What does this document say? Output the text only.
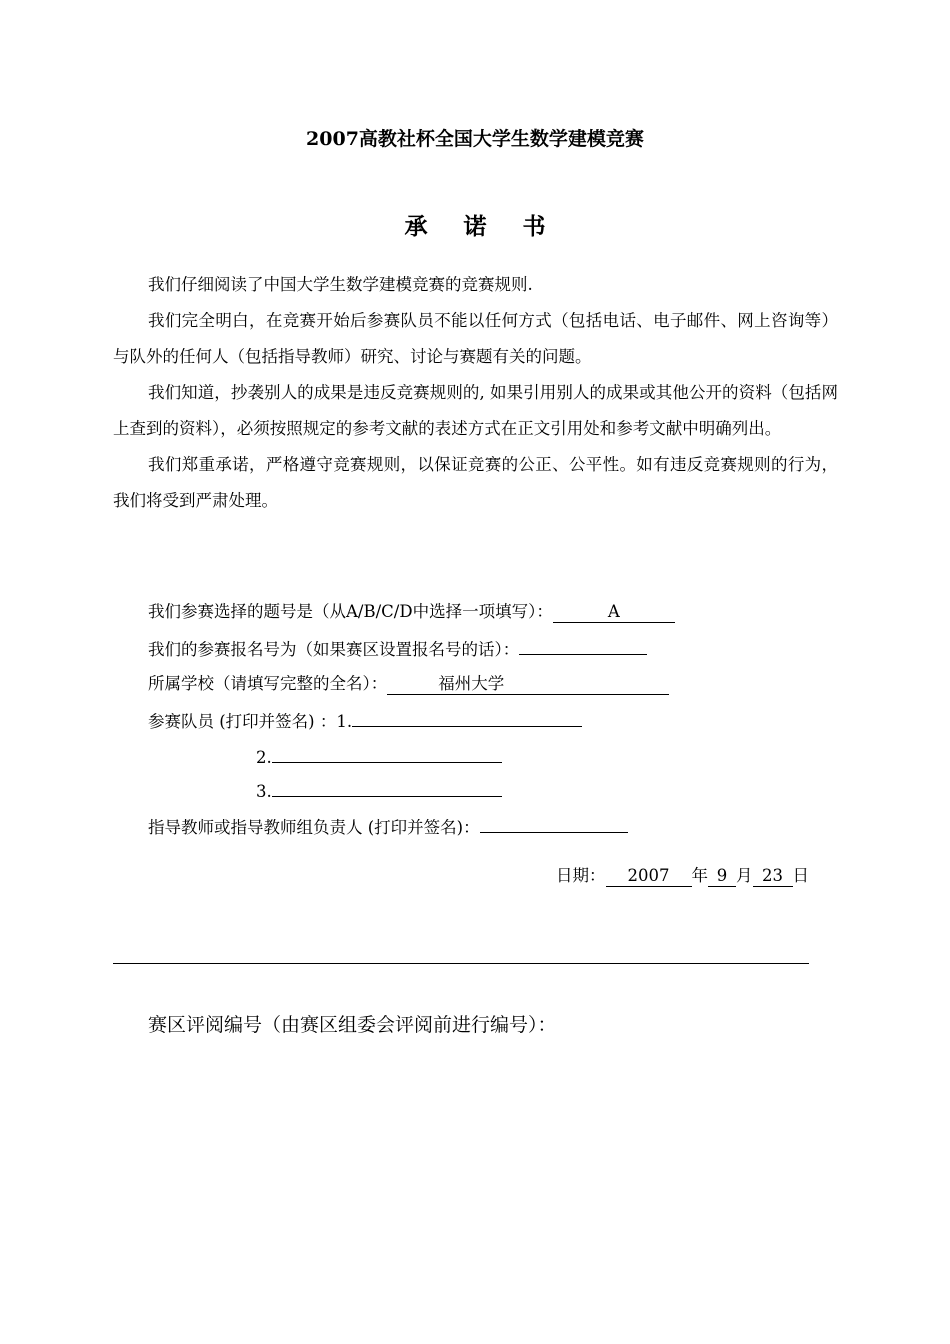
2007高教社杯全国大学生数学建模竞赛
承 诺 书

我们仔细阅读了中国大学生数学建模竞赛的竞赛规则.

我们完全明白，在竞赛开始后参赛队员不能以任何方式（包括电话、电子邮件、网上咨询等）与队外的任何人（包括指导教师）研究、讨论与赛题有关的问题。

我们知道，抄袭别人的成果是违反竞赛规则的, 如果引用别人的成果或其他公开的资料（包括网上查到的资料），必须按照规定的参考文献的表述方式在正文引用处和参考文献中明确列出。

我们郑重承诺，严格遵守竞赛规则，以保证竞赛的公正、公平性。如有违反竞赛规则的行为，我们将受到严肃处理。

我们参赛选择的题号是（从A/B/C/D中选择一项填写）：	A
我们的参赛报名号为（如果赛区设置报名号的话）：
所属学校（请填写完整的全名）：	福州大学
参赛队员 (打印并签名) ：1.
2.
3.
指导教师或指导教师组负责人 (打印并签名)：
日期： 2007 年 9 月 23 日
赛区评阅编号（由赛区组委会评阅前进行编号）：
